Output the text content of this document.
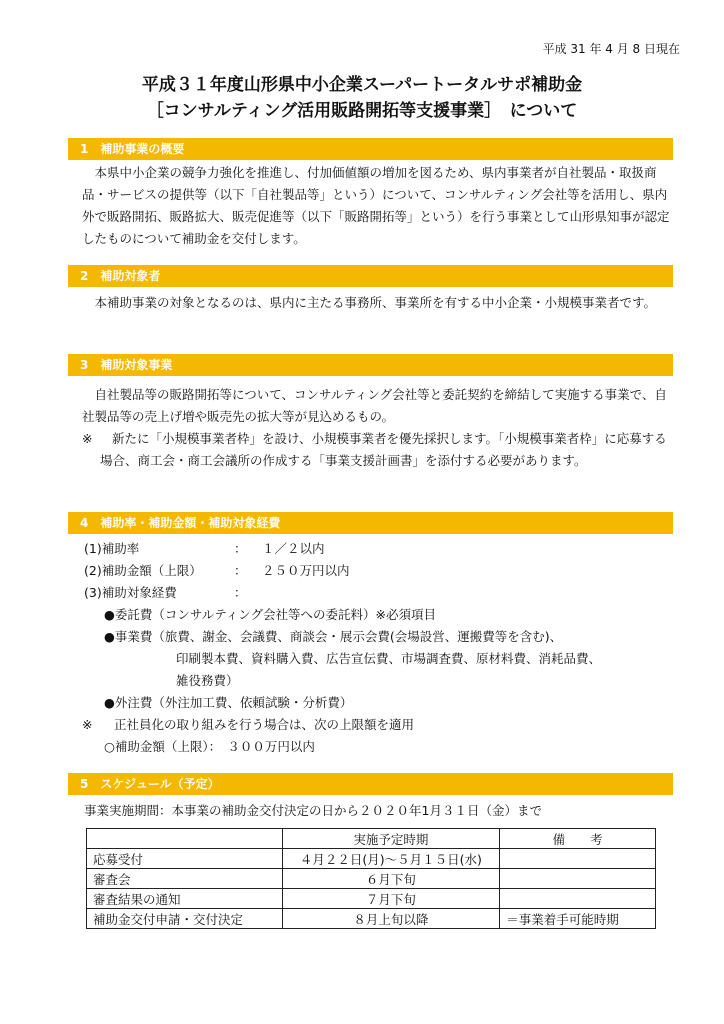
平成 31 年 4 月 8 日現在
平成３１年度山形県中小企業スーパートータルサポ補助金
［コンサルティング活用販路開拓等支援事業］　について
1　補助事業の概要
本県中小企業の競争力強化を推進し、付加価値額の増加を図るため、県内事業者が自社製品・取扱商品・サービスの提供等（以下「自社製品等」という）について、コンサルティング会社等を活用し、県内外で販路開拓、販路拡大、販売促進等（以下「販路開拓等」という）を行う事業として山形県知事が認定したものについて補助金を交付します。
2　補助対象者
本補助事業の対象となるのは、県内に主たる事務所、事業所を有する中小企業・小規模事業者です。
3　補助対象事業
自社製品等の販路開拓等について、コンサルティング会社等と委託契約を締結して実施する事業で、自社製品等の売上げ増や販売先の拡大等が見込めるもの。
※	新たに「小規模事業者枠」を設け、小規模事業者を優先採択します。「小規模事業者枠」に応募する場合、商工会・商工会議所の作成する「事業支援計画書」を添付する必要があります。
4　補助率・補助金額・補助対象経費
(1)補助率	： １／２以内
(2)補助金額（上限）	： ２５０万円以内
(3)補助対象経費	：
●委託費（コンサルティング会社等への委託料）※必須項目
●事業費（旅費、謝金、会議費、商談会・展示会費(会場設営、運搬費等を含む)、
印刷製本費、資料購入費、広告宣伝費、市場調査費、原材料費、消耗品費、
雑役務費）
●外注費（外注加工費、依頼試験・分析費）
※ 正社員化の取り組みを行う場合は、次の上限額を適用
○補助金額（上限）：　３００万円以内
5　スケジュール（予定）
事業実施期間：本事業の補助金交付決定の日から２０２０年1月３１日（金）まで
	実施予定時期	備　　考
応募受付	４月２２日(月)～５月１５日(水)	
審査会	６月下旬	
審査結果の通知	７月下旬	
補助金交付申請・交付決定	８月上旬以降	＝事業着手可能時期
